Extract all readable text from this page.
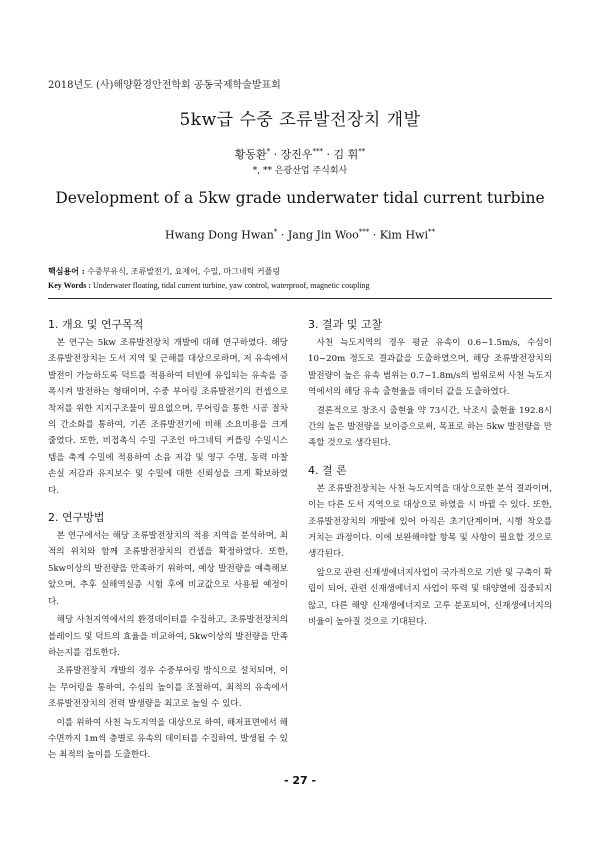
2018년도 (사)해양환경안전학회 공동국제학술발표회
5kw급 수중 조류발전장치 개발
황동환* · 장진우*** · 김 휘**
*, ** 은광산업 주식회사
Development of a 5kw grade underwater tidal current turbine
Hwang Dong Hwan* · Jang Jin Woo*** · Kim Hwi**
핵심용어 : 수중부유식, 조류발전기, 요제어, 수밀, 마그네틱 커플링
Key Words : Underwater floating, tidal current turbine, yaw control, waterproof, magnetic coupling
1. 개요 및 연구목적

본 연구는 5kw 조류발전장치 개발에 대해 연구하였다. 해당 조류발전장치는 도서 지역 및 근해를 대상으로하며, 저 유속에서 발전이 가능하도록 덕트를 적용하여 터빈에 유입되는 유속을 증폭시켜 발전하는 형태이며, 수중 부어링 조류발전기의 컨셉으로 착저를 위한 지지구조물이 필요없으며, 무어링을 통한 시공 절차의 간소화를 통하여, 기존 조류발전기에 비해 소요비용을 크게 줄였다. 또한, 비접촉식 수밀 구조인 마그네틱 커플링 수밀시스템을 축계 수밀에 적용하여 소음 저감 및 영구 수명, 동력 마찰 손실 저감과 유지보수 및 수밀에 대한 신뢰성을 크게 확보하였다.

2. 연구방법

본 연구에서는 해당 조류발전장치의 적용 지역을 분석하며, 최적의 위치와 함께 조류발전장치의 컨셉을 확정하였다. 또한, 5kw이상의 발전량을 만족하기 위하여, 예상 발전량을 예측해보았으며, 추후 실해역실증 시험 후에 비교값으로 사용될 예정이다.

해당 사천지역에서의 환경데이터를 수집하고, 조류발전장치의 블레이드 및 덕트의 효율을 비교하여, 5kw이상의 발전량을 만족하는지를 검토한다.

조류발전장치 개발의 경우 수중부어링 방식으로 설치되며, 이는 무어링을 통하여, 수심의 높이를 조절하여, 최적의 유속에서 조류발전장치의 전력 발생량을 최고로 높일 수 있다.

이를 위하여 사천 늑도지역을 대상으로 하여, 해저표면에서 해수면까지 1m씩 층별로 유속의 데이터를 수집하여, 발생될 수 있는 최적의 높이를 도출한다.

3. 결과 및 고찰

사천 늑도지역의 경우 평균 유속이 0.6~1.5m/s, 수심이 10~20m 정도로 결과값을 도출하였으며, 해당 조류발전장치의 발전량이 높은 유속 범위는 0.7~1.8m/s의 범위로써 사천 늑도지역에서의 해당 유속 출현율을 데이터 값을 도출하였다.

결론적으로 창조시 출현율 약 73시간, 낙조시 출현율 192.8시간의 높은 발전량을 보이증으로써, 목표로 하는 5kw 발전량을 만족할 것으로 생각된다.

4. 결 론

본 조류발전장치는 사천 늑도지역을 대상으로한 분석 결과이며, 이는 다른 도서 지역으로 대상으로 하였을 시 바뀔 수 있다. 또한, 조류발전장치의 개발에 있어 아직은 초기단계이며, 시행 착오를 거치는 과정이다. 이에 보완해야할 항목 및 사항이 필요할 것으로 생각된다.

앞으로 관련 신재생에너지사업이 국가적으로 기반 및 구축이 확립이 되어, 관련 신재생에너지 사업이 뚜력 및 태양열에 집중되지 않고, 다른 해양 신재생에너지로 고루 분포되어, 신재생에너지의 비율이 높아질 것으로 기대된다.

- 27 -
